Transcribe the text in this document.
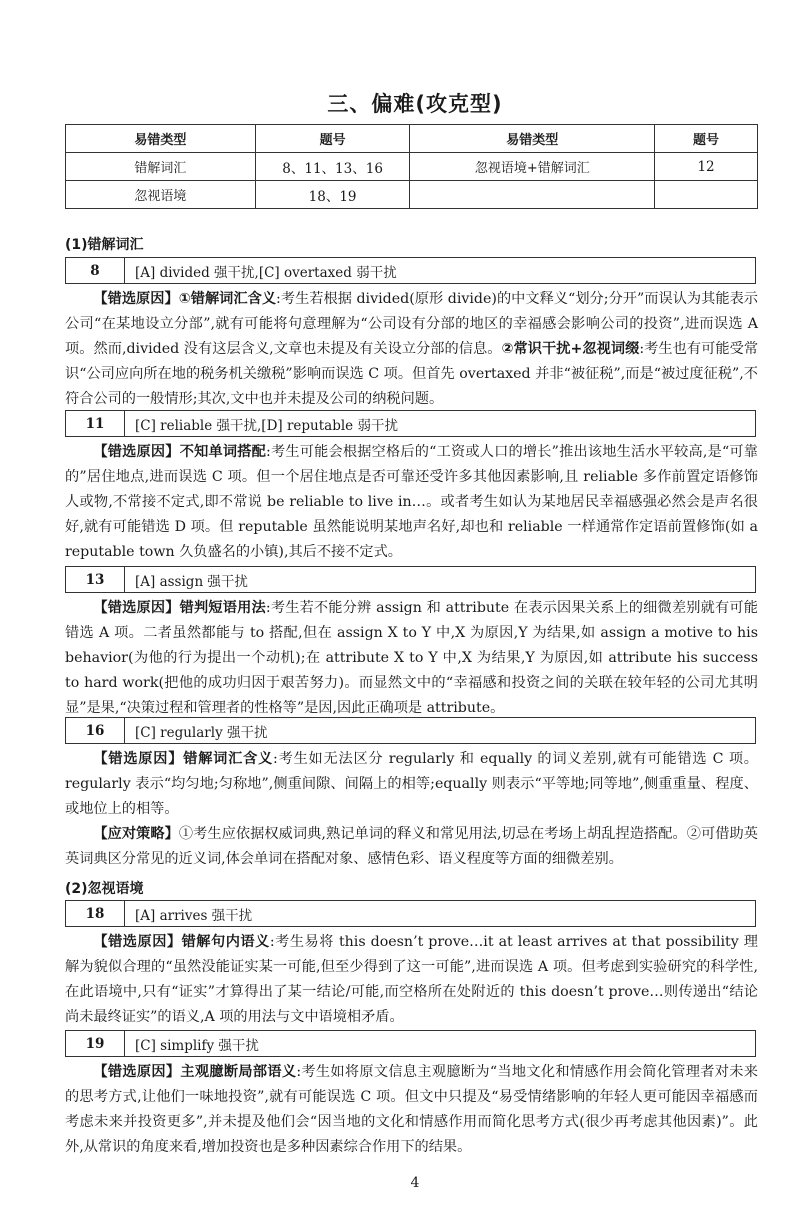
三、偏难(攻克型)
易错类型	题号	易错类型	题号
错解词汇	8、11、13、16	忽视语境+错解词汇	12
忽视语境	18、19		
(1)错解词汇
8	[A] divided 强干扰,[C] overtaxed 弱干扰

【错选原因】①错解词汇含义:考生若根据 divided(原形 divide)的中文释义“划分;分开”而误认为其能表示公司“在某地设立分部”,就有可能将句意理解为“公司设有分部的地区的幸福感会影响公司的投资”,进而误选 A 项。然而,divided 没有这层含义,文章也未提及有关设立分部的信息。②常识干扰+忽视词缀:考生也有可能受常识“公司应向所在地的税务机关缴税”影响而误选 C 项。但首先 overtaxed 并非“被征税”,而是“被过度征税”,不符合公司的一般情形;其次,文中也并未提及公司的纳税问题。

11	[C] reliable 强干扰,[D] reputable 弱干扰

【错选原因】不知单词搭配:考生可能会根据空格后的“工资或人口的增长”推出该地生活水平较高,是“可靠的”居住地点,进而误选 C 项。但一个居住地点是否可靠还受许多其他因素影响,且 reliable 多作前置定语修饰人或物,不常接不定式,即不常说 be reliable to live in…。或者考生如认为某地居民幸福感强必然会是声名很好,就有可能错选 D 项。但 reputable 虽然能说明某地声名好,却也和 reliable 一样通常作定语前置修饰(如 a reputable town 久负盛名的小镇),其后不接不定式。

13	[A] assign 强干扰

【错选原因】错判短语用法:考生若不能分辨 assign 和 attribute 在表示因果关系上的细微差别就有可能错选 A 项。二者虽然都能与 to 搭配,但在 assign X to Y 中,X 为原因,Y 为结果,如 assign a motive to his behavior(为他的行为提出一个动机);在 attribute X to Y 中,X 为结果,Y 为原因,如 attribute his success to hard work(把他的成功归因于艰苦努力)。而显然文中的“幸福感和投资之间的关联在较年轻的公司尤其明显”是果,“决策过程和管理者的性格等”是因,因此正确项是 attribute。

16	[C] regularly 强干扰

【错选原因】错解词汇含义:考生如无法区分 regularly 和 equally 的词义差别,就有可能错选 C 项。regularly 表示“均匀地;匀称地”,侧重间隙、间隔上的相等;equally 则表示“平等地;同等地”,侧重重量、程度、或地位上的相等。

【应对策略】①考生应依据权威词典,熟记单词的释义和常见用法,切忌在考场上胡乱捏造搭配。②可借助英英词典区分常见的近义词,体会单词在搭配对象、感情色彩、语义程度等方面的细微差别。

(2)忽视语境
18	[A] arrives 强干扰

【错选原因】错解句内语义:考生易将 this doesn’t prove…it at least arrives at that possibility 理解为貌似合理的“虽然没能证实某一可能,但至少得到了这一可能”,进而误选 A 项。但考虑到实验研究的科学性,在此语境中,只有“证实”才算得出了某一结论/可能,而空格所在处附近的 this doesn’t prove…则传递出“结论尚未最终证实”的语义,A 项的用法与文中语境相矛盾。

19	[C] simplify 强干扰

【错选原因】主观臆断局部语义:考生如将原文信息主观臆断为“当地文化和情感作用会简化管理者对未来的思考方式,让他们一味地投资”,就有可能误选 C 项。但文中只提及“易受情绪影响的年轻人更可能因幸福感而考虑未来并投资更多”,并未提及他们会“因当地的文化和情感作用而简化思考方式(很少再考虑其他因素)”。此外,从常识的角度来看,增加投资也是多种因素综合作用下的结果。

4
